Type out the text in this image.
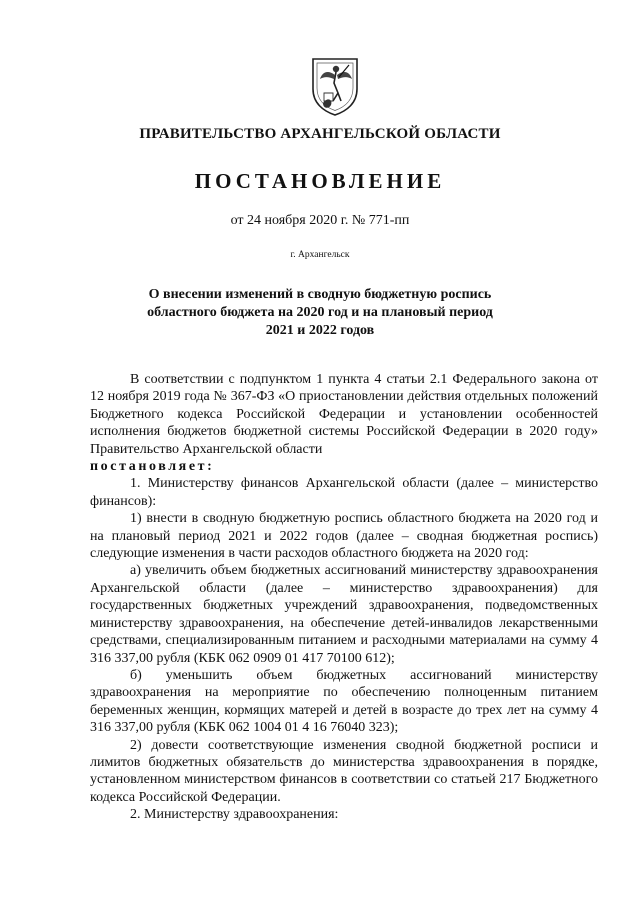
ПРАВИТЕЛЬСТВО АРХАНГЕЛЬСКОЙ ОБЛАСТИ
ПОСТАНОВЛЕНИЕ
от 24 ноября 2020 г. № 771-пп
г. Архангельск
О внесении изменений в сводную бюджетную роспись
областного бюджета на 2020 год и на плановый период
2021 и 2022 годов

В соответствии с подпунктом 1 пункта 4 статьи 2.1 Федерального закона от 12 ноября 2019 года № 367-ФЗ «О приостановлении действия отдельных положений Бюджетного кодекса Российской Федерации и установлении особенностей исполнения бюджетов бюджетной системы Российской Федерации в 2020 году» Правительство Архангельской области
постановляет:

1. Министерству финансов Архангельской области (далее – министерство финансов):

1) внести в сводную бюджетную роспись областного бюджета на 2020 год и на плановый период 2021 и 2022 годов (далее – сводная бюджетная роспись) следующие изменения в части расходов областного бюджета на 2020 год:

а) увеличить объем бюджетных ассигнований министерству здравоохранения Архангельской области (далее – министерство здравоохранения) для государственных бюджетных учреждений здравоохранения, подведомственных министерству здравоохранения, на обеспечение детей-инвалидов лекарственными средствами, специализированным питанием и расходными материалами на сумму 4 316 337,00 рубля (КБК 062 0909 01 417 70100 612);

б) уменьшить объем бюджетных ассигнований министерству здравоохранения на мероприятие по обеспечению полноценным питанием беременных женщин, кормящих матерей и детей в возрасте до трех лет на сумму 4 316 337,00 рубля (КБК 062 1004 01 4 16 76040 323);

2) довести соответствующие изменения сводной бюджетной росписи и лимитов бюджетных обязательств до министерства здравоохранения в порядке, установленном министерством финансов в соответствии со статьей 217 Бюджетного кодекса Российской Федерации.

2. Министерству здравоохранения:
